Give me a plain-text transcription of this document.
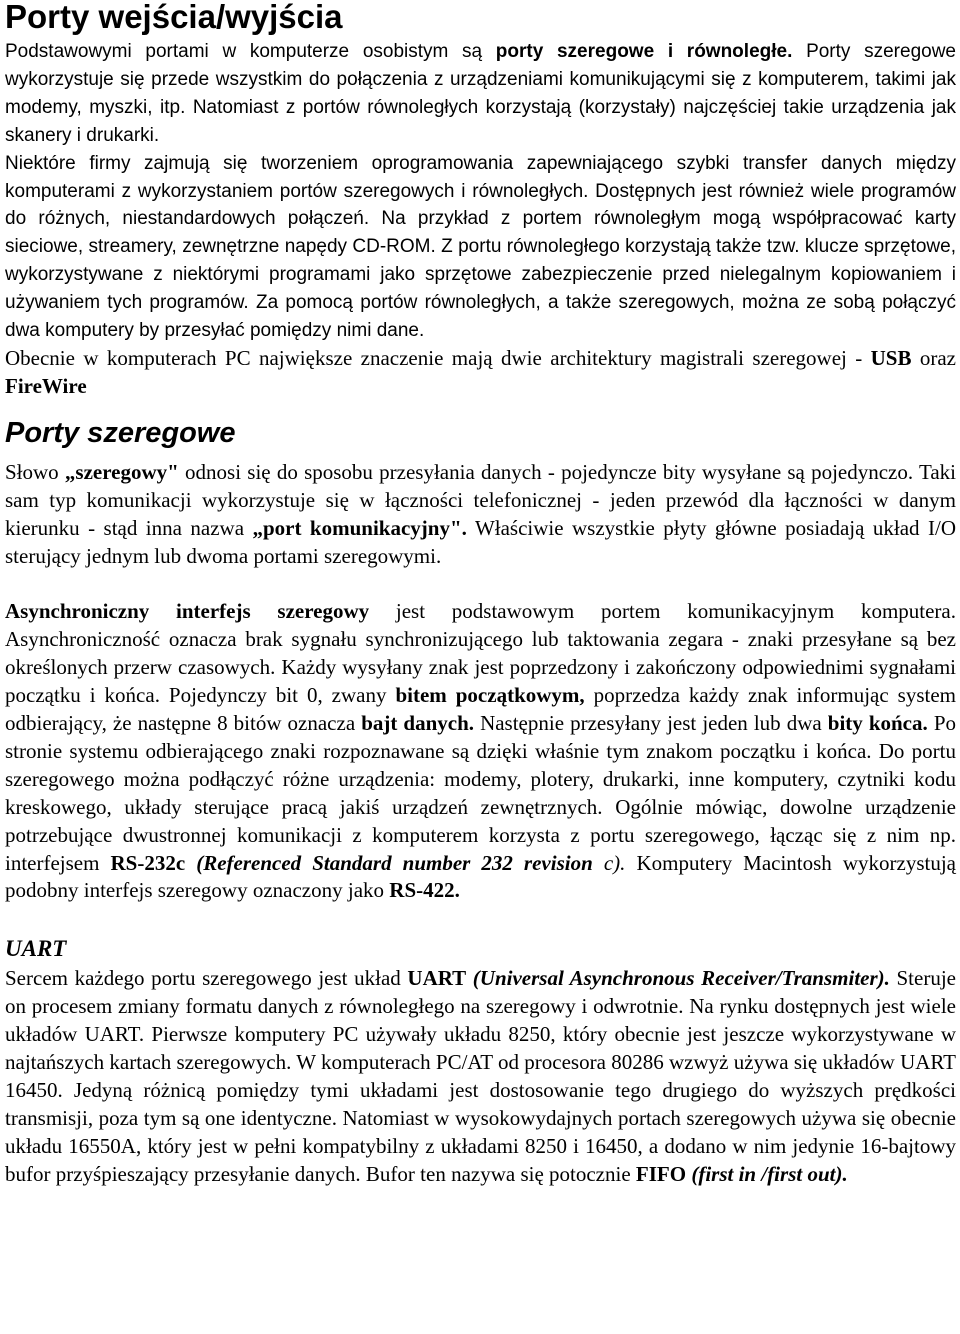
Porty wejścia/wyjścia

Podstawowymi portami w komputerze osobistym są porty szeregowe i równoległe. Porty szeregowe wykorzystuje się przede wszystkim do połączenia z urządzeniami komunikującymi się z komputerem, takimi jak modemy, myszki, itp. Natomiast z portów równoległych korzystają (korzystały) najczęściej takie urządzenia jak skanery i drukarki.

Niektóre firmy zajmują się tworzeniem oprogramowania zapewniającego szybki transfer danych między komputerami z wykorzystaniem portów szeregowych i równoległych. Dostępnych jest również wiele programów do różnych, niestandardowych połączeń. Na przykład z portem równoległym mogą współpracować karty sieciowe, streamery, zewnętrzne napędy CD-ROM. Z portu równoległego korzystają także tzw. klucze sprzętowe, wykorzystywane z niektórymi programami jako sprzętowe zabezpieczenie przed nielegalnym kopiowaniem i używaniem tych programów. Za pomocą portów równoległych, a także szeregowych, można ze sobą połączyć dwa komputery by przesyłać pomiędzy nimi dane.

Obecnie w komputerach PC największe znaczenie mają dwie architektury magistrali szeregowej - USB oraz FireWire

Porty szeregowe

Słowo „szeregowy" odnosi się do sposobu przesyłania danych - pojedyncze bity wysyłane są pojedynczo. Taki sam typ komunikacji wykorzystuje się w łączności telefonicznej - jeden przewód dla łączności w danym kierunku - stąd inna nazwa „port komunikacyjny". Właściwie wszystkie płyty główne posiadają układ I/O sterujący jednym lub dwoma portami szeregowymi.

Asynchroniczny interfejs szeregowy jest podstawowym portem komunikacyjnym komputera. Asynchroniczność oznacza brak sygnału synchronizującego lub taktowania zegara - znaki przesyłane są bez określonych przerw czasowych. Każdy wysyłany znak jest poprzedzony i zakończony odpowiednimi sygnałami początku i końca. Pojedynczy bit 0, zwany bitem początkowym, poprzedza każdy znak informując system odbierający, że następne 8 bitów oznacza bajt danych. Następnie przesyłany jest jeden lub dwa bity końca. Po stronie systemu odbierającego znaki rozpoznawane są dzięki właśnie tym znakom początku i końca. Do portu szeregowego można podłączyć różne urządzenia: modemy, plotery, drukarki, inne komputery, czytniki kodu kreskowego, układy sterujące pracą jakiś urządzeń zewnętrznych. Ogólnie mówiąc, dowolne urządzenie potrzebujące dwustronnej komunikacji z komputerem korzysta z portu szeregowego, łącząc się z nim np. interfejsem RS-232c (Referenced Standard number 232 revision c). Komputery Macintosh wykorzystują podobny interfejs szeregowy oznaczony jako RS-422.

UART

Sercem każdego portu szeregowego jest układ UART (Universal Asynchronous Receiver/Transmiter). Steruje on procesem zmiany formatu danych z równoległego na szeregowy i odwrotnie. Na rynku dostępnych jest wiele układów UART. Pierwsze komputery PC używały układu 8250, który obecnie jest jeszcze wykorzystywane w najtańszych kartach szeregowych. W komputerach PC/AT od procesora 80286 wzwyż używa się układów UART 16450. Jedyną różnicą pomiędzy tymi układami jest dostosowanie tego drugiego do wyższych prędkości transmisji, poza tym są one identyczne. Natomiast w wysokowydajnych portach szeregowych używa się obecnie układu 16550A, który jest w pełni kompatybilny z układami 8250 i 16450, a dodano w nim jedynie 16-bajtowy bufor przyśpieszający przesyłanie danych. Bufor ten nazywa się potocznie FIFO (first in /first out).
